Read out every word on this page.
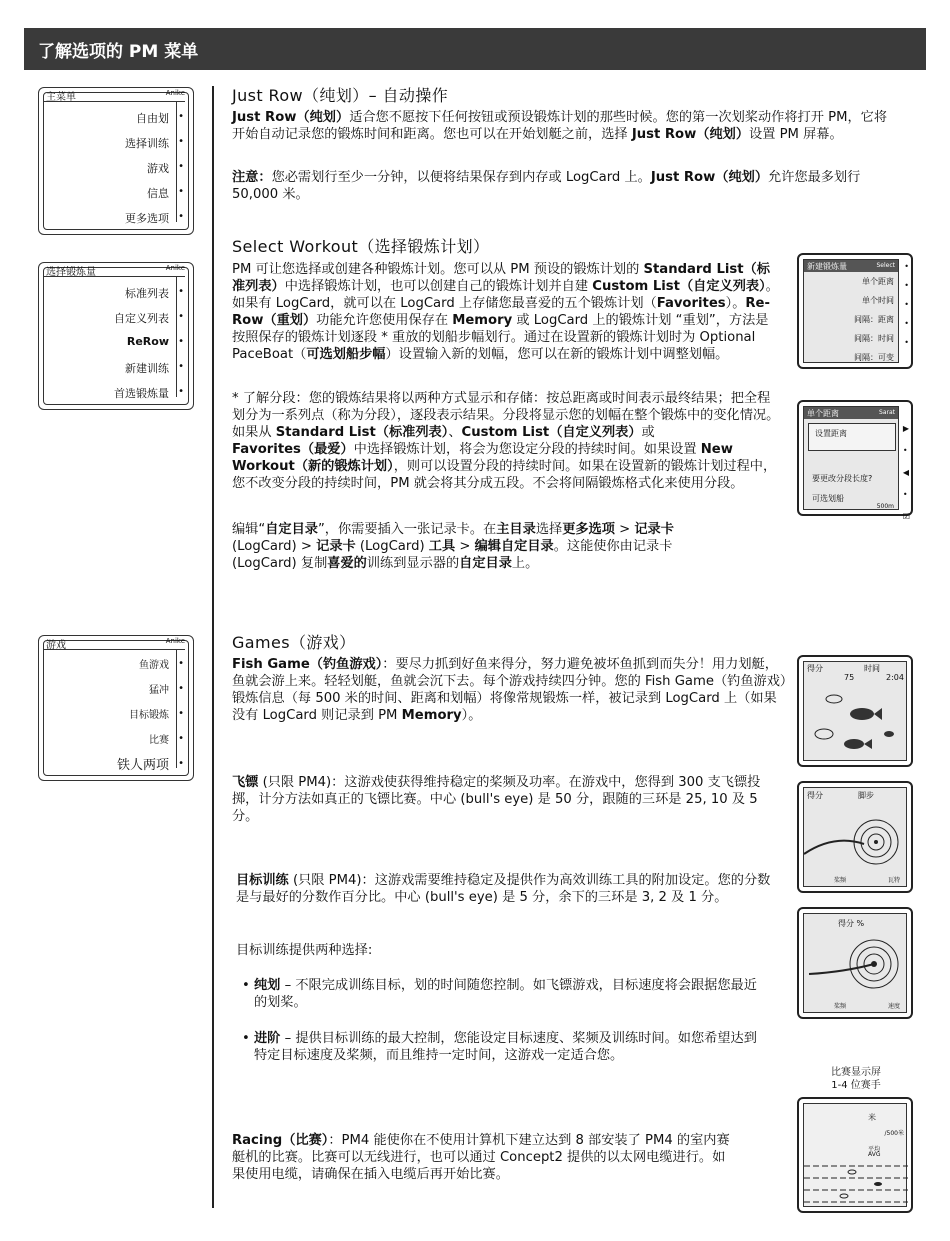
了解选项的 PM 菜单
主菜单	Anike
自由划
选择训练
游戏
信息
更多选项
•
•
•
•
•
选择锻炼量	Anike
标准列表
自定义列表
ReRow
新建训练
首选锻炼量
•
•
•
•
•
游戏	Anike
鱼游戏
猛冲
目标锻炼
比赛
铁人两项
•
•
•
•
•
Just Row（纯划）– 自动操作
Just Row（纯划）适合您不愿按下任何按钮或预设锻炼计划的那些时候。您的第一次划桨动作将打开 PM，它将开始自动记录您的锻炼时间和距离。您也可以在开始划艇之前，选择 Just Row（纯划）设置 PM 屏幕。
注意：您必需划行至少一分钟，以便将结果保存到内存或 LogCard 上。Just Row（纯划）允许您最多划行 50,000 米。
Select Workout（选择锻炼计划）
PM 可让您选择或创建各种锻炼计划。您可以从 PM 预设的锻炼计划的 Standard List（标准列表）中选择锻炼计划，也可以创建自己的锻炼计划并自建 Custom List（自定义列表）。如果有 LogCard，就可以在 LogCard 上存储您最喜爱的五个锻炼计划（Favorites）。Re-Row（重划）功能允许您使用保存在 Memory 或 LogCard 上的锻炼计划 “重划”，方法是按照保存的锻炼计划逐段 * 重放的划船步幅划行。通过在设置新的锻炼计划时为 Optional PaceBoat（可选划船步幅）设置输入新的划幅，您可以在新的锻炼计划中调整划幅。
* 了解分段：您的锻炼结果将以两种方式显示和存储：按总距离或时间表示最终结果；把全程划分为一系列点（称为分段），逐段表示结果。分段将显示您的划幅在整个锻炼中的变化情况。如果从 Standard List（标准列表）、Custom List（自定义列表）或 Favorites（最爱）中选择锻炼计划，将会为您设定分段的持续时间。如果设置 New Workout（新的锻炼计划），则可以设置分段的持续时间。如果在设置新的锻炼计划过程中，您不改变分段的持续时间，PM 就会将其分成五段。不会将间隔锻炼格式化来使用分段。
编辑“自定目录”，你需要插入一张记录卡。在主目录选择更多选项 > 记录卡 (LogCard) > 记录卡 (LogCard) 工具 > 编辑自定目录。这能使你由记录卡 (LogCard) 复制喜爱的训练到显示器的自定目录上。
新建锻炼量	Select
单个距离
单个时间
间隔：距离
间隔：时间
间隔：可变
•
•
•
•
•
单个距离	Sarat
设置距离
要更改分段长度?
可选划船
500m
▶
•
◀
•
☑
Games（游戏）
Fish Game（钓鱼游戏）：要尽力抓到好鱼来得分，努力避免被坏鱼抓到而失分！用力划艇，鱼就会游上来。轻轻划艇，鱼就会沉下去。每个游戏持续四分钟。您的 Fish Game（钓鱼游戏）锻炼信息（每 500 米的时间、距离和划幅）将像常规锻炼一样，被记录到 LogCard 上（如果没有 LogCard 则记录到 PM Memory）。
飞镖 (只限 PM4)：这游戏使获得维持稳定的桨频及功率。在游戏中，您得到 300 支飞镖投掷，计分方法如真正的飞镖比赛。中心 (bull's eye) 是 50 分，跟随的三环是 25, 10 及 5 分。
目标训练 (只限 PM4)：这游戏需要维持稳定及提供作为高效训练工具的附加设定。您的分数是与最好的分数作百分比。中心 (bull's eye) 是 5 分，余下的三环是 3, 2 及 1 分。
目标训练提供两种选择:
• 纯划 – 不限完成训练目标，划的时间随您控制。如飞镖游戏，目标速度将会跟据您最近的划桨。
• 进阶 – 提供目标训练的最大控制，您能设定目标速度、桨频及训练时间。如您希望达到特定目标速度及桨频，而且维持一定时间，这游戏一定适合您。
Racing（比赛）：PM4 能使你在不使用计算机下建立达到 8 部安装了 PM4 的室内赛艇机的比赛。比赛可以无线进行，也可以通过 Concept2 提供的以太网电缆进行。如果使用电缆，请确保在插入电缆后再开始比赛。
得分	时间
75	2:04
得分	脚步
桨频	瓦特
得分 %
桨频	速度
比赛显示屏
1-4 位赛手
米
/500米
平均
AVG
